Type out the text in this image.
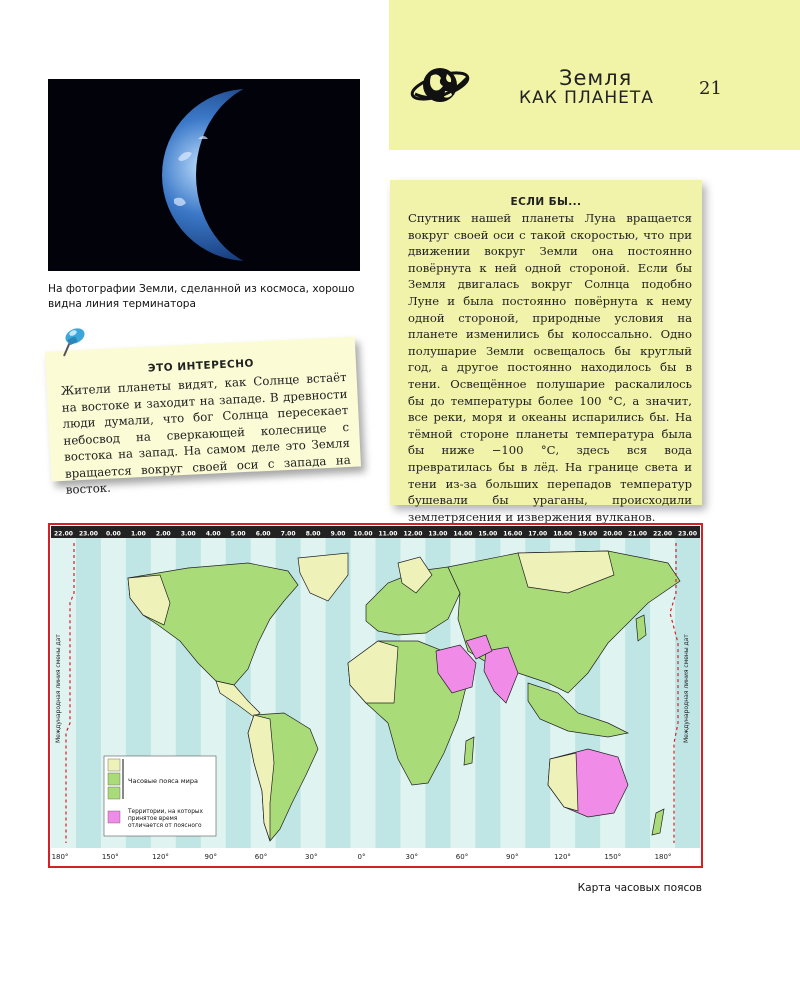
Земля
КАК ПЛАНЕТА	21
На фотографии Земли, сделанной из космоса, хорошо видна линия терминатора
ЭТО ИНТЕРЕСНО
Жители планеты видят, как Солнце встаёт на востоке и заходит на западе. В древности люди думали, что бог Солнца пересекает небосвод на сверкающей колеснице с востока на запад. На самом деле это Земля вращается вокруг своей оси с запада на восток.
ЕСЛИ БЫ...
Спутник нашей планеты Луна вращается вокруг своей оси с такой скоростью, что при движении вокруг Земли она постоянно повёрнута к ней одной стороной. Если бы Земля двигалась вокруг Солнца подобно Луне и была постоянно повёрнута к нему одной стороной, природные условия на планете изменились бы колоссально. Одно полушарие Земли освещалось бы круглый год, а другое постоянно находилось бы в тени. Освещённое полушарие раскалилось бы до температуры более 100 °С, а значит, все реки, моря и океаны испарились бы. На тёмной стороне планеты температура была бы ниже −100 °С, здесь вся вода превратилась бы в лёд. На границе света и тени из-за больших перепадов температур бушевали бы ураганы, происходили землетрясения и извержения вулканов.
22.00 23.00 0.00 1.00 2.00 3.00 4.00 5.00 6.00 7.00 8.00 9.00 10.00 11.00 12.00 13.00 14.00 15.00 16.00 17.00 18.00 19.00 20.00 21.00 22.00 23.00
Международная линия смены дат	Международная линия смены дат
Часовые пояса мира
Территории, на которых
принятое время
отличается от поясного
180°	150°	120°	90°	60°	30°	0°	30°	60°	90°	120°	150°	180°
Карта часовых поясов
